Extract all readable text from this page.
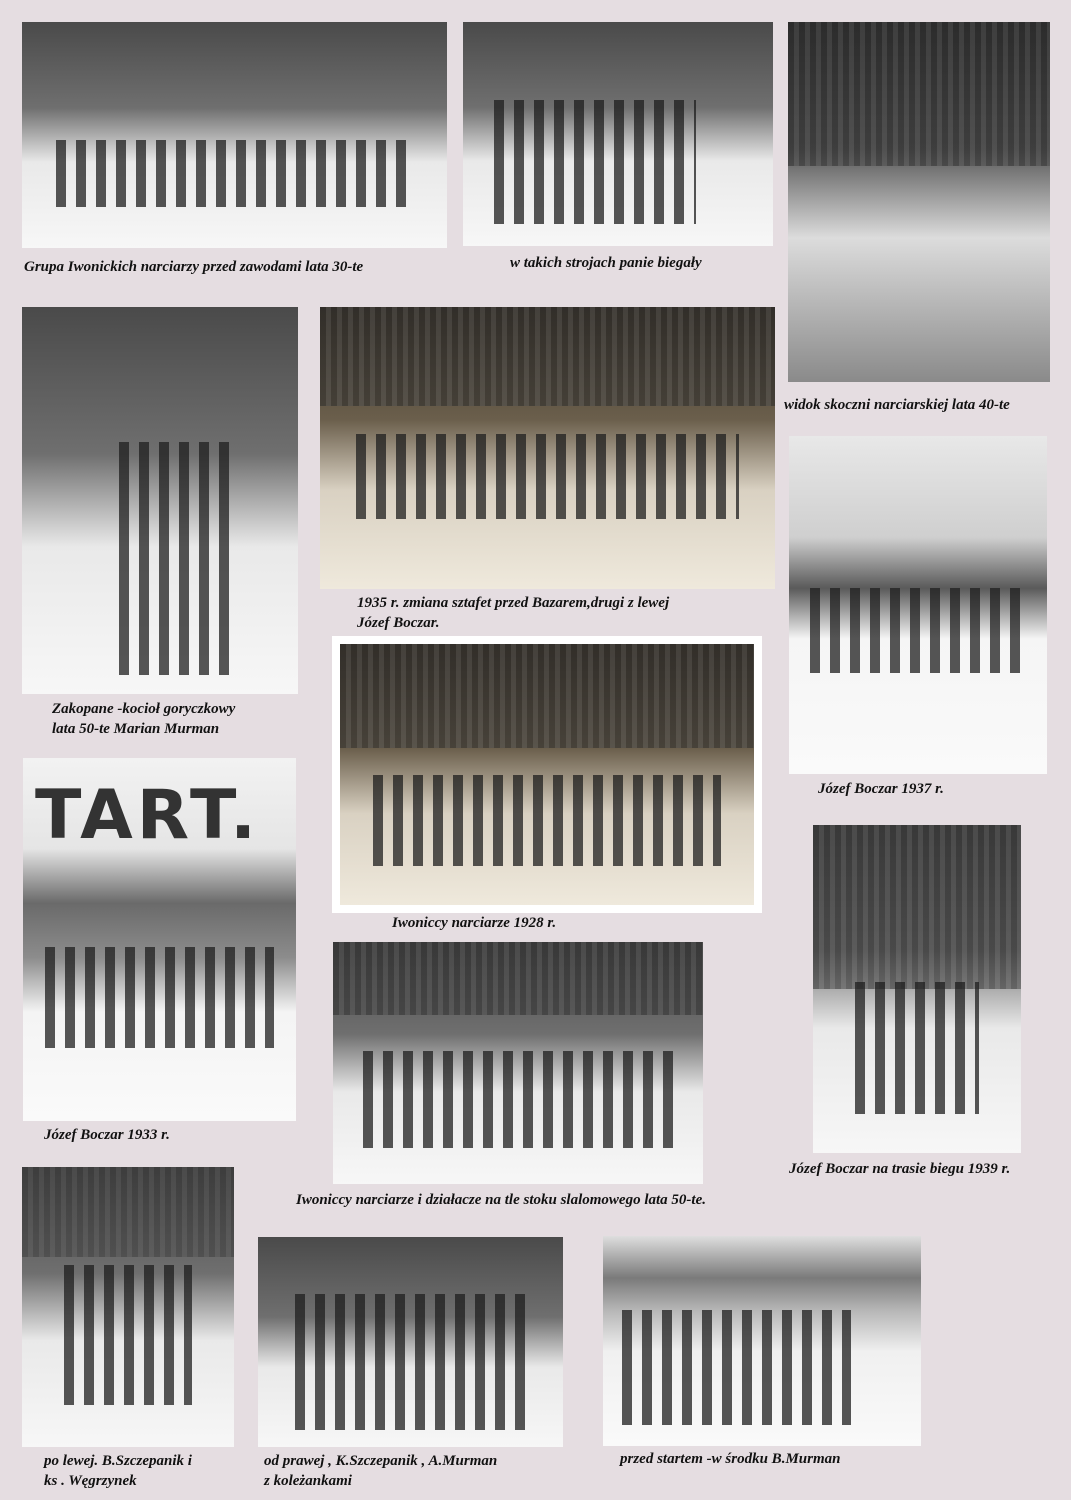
Grupa Iwonickich narciarzy przed zawodami lata 30-te	w takich strojach panie biegały
widok skoczni narciarskiej lata 40-te
Zakopane -kocioł goryczkowy
lata 50-te Marian Murman
1935 r. zmiana sztafet przed Bazarem,drugi z lewej
Józef Boczar.
Józef Boczar 1937 r.
Iwoniccy narciarze 1928 r.
TART.
Józef Boczar 1933 r.
Iwoniccy narciarze i działacze na tle stoku slalomowego lata 50-te.
Józef Boczar na trasie biegu 1939 r.
po lewej. B.Szczepanik i
ks . Węgrzynek
od prawej , K.Szczepanik , A.Murman
z koleżankami
przed startem -w środku B.Murman
